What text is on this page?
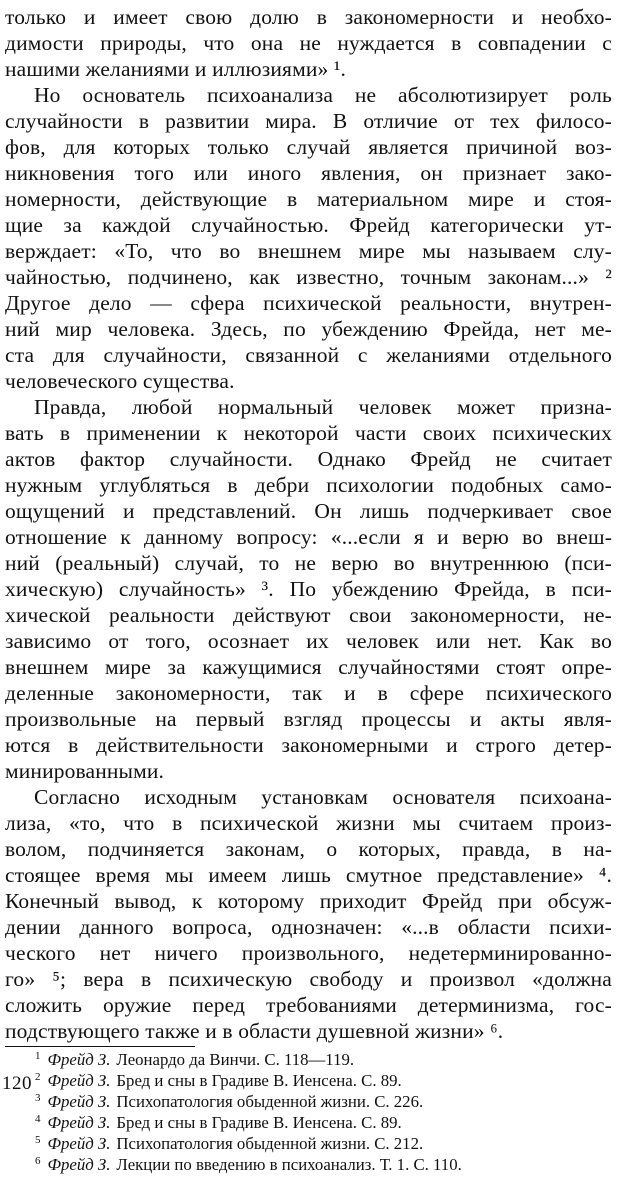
только и имеет свою долю в закономерности и необхо-
димости природы, что она не нуждается в совпадении с
нашими желаниями и иллюзиями» ¹.
Но основатель психоанализа не абсолютизирует роль
случайности в развитии мира. В отличие от тех филосо-
фов, для которых только случай является причиной воз-
никновения того или иного явления, он признает зако-
номерности, действующие в материальном мире и стоя-
щие за каждой случайностью. Фрейд категорически ут-
верждает: «То, что во внешнем мире мы называем слу-
чайностью, подчинено, как известно, точным законам...» ²
Другое дело — сфера психической реальности, внутрен-
ний мир человека. Здесь, по убеждению Фрейда, нет ме-
ста для случайности, связанной с желаниями отдельного
человеческого существа.
Правда, любой нормальный человек может призна-
вать в применении к некоторой части своих психических
актов фактор случайности. Однако Фрейд не считает
нужным углубляться в дебри психологии подобных само-
ощущений и представлений. Он лишь подчеркивает свое
отношение к данному вопросу: «...если я и верю во внеш-
ний (реальный) случай, то не верю во внутреннюю (пси-
хическую) случайность» ³. По убеждению Фрейда, в пси-
хической реальности действуют свои закономерности, не-
зависимо от того, осознает их человек или нет. Как во
внешнем мире за кажущимися случайностями стоят опре-
деленные закономерности, так и в сфере психического
произвольные на первый взгляд процессы и акты явля-
ются в действительности закономерными и строго детер-
минированными.
Согласно исходным установкам основателя психоана-
лиза, «то, что в психической жизни мы считаем произ-
волом, подчиняется законам, о которых, правда, в на-
стоящее время мы имеем лишь смутное представление» ⁴.
Конечный вывод, к которому приходит Фрейд при обсуж-
дении данного вопроса, однозначен: «...в области психи-
ческого нет ничего произвольного, недетерминированно-
го» ⁵; вера в психическую свободу и произвол «должна
сложить оружие перед требованиями детерминизма, гос-
подствующего также и в области душевной жизни» ⁶.
$^1$ Фрейд З. Леонардо да Винчи. С. 118—119.
$^2$ Фрейд З. Бред и сны в Градиве В. Иенсена. С. 89.
$^3$ Фрейд З. Психопатология обыденной жизни. С. 226.
$^4$ Фрейд З. Бред и сны в Градиве В. Иенсена. С. 89.
$^5$ Фрейд З. Психопатология обыденной жизни. С. 212.
$^6$ Фрейд З. Лекции по введению в психоанализ. Т. 1. С. 110.
120
